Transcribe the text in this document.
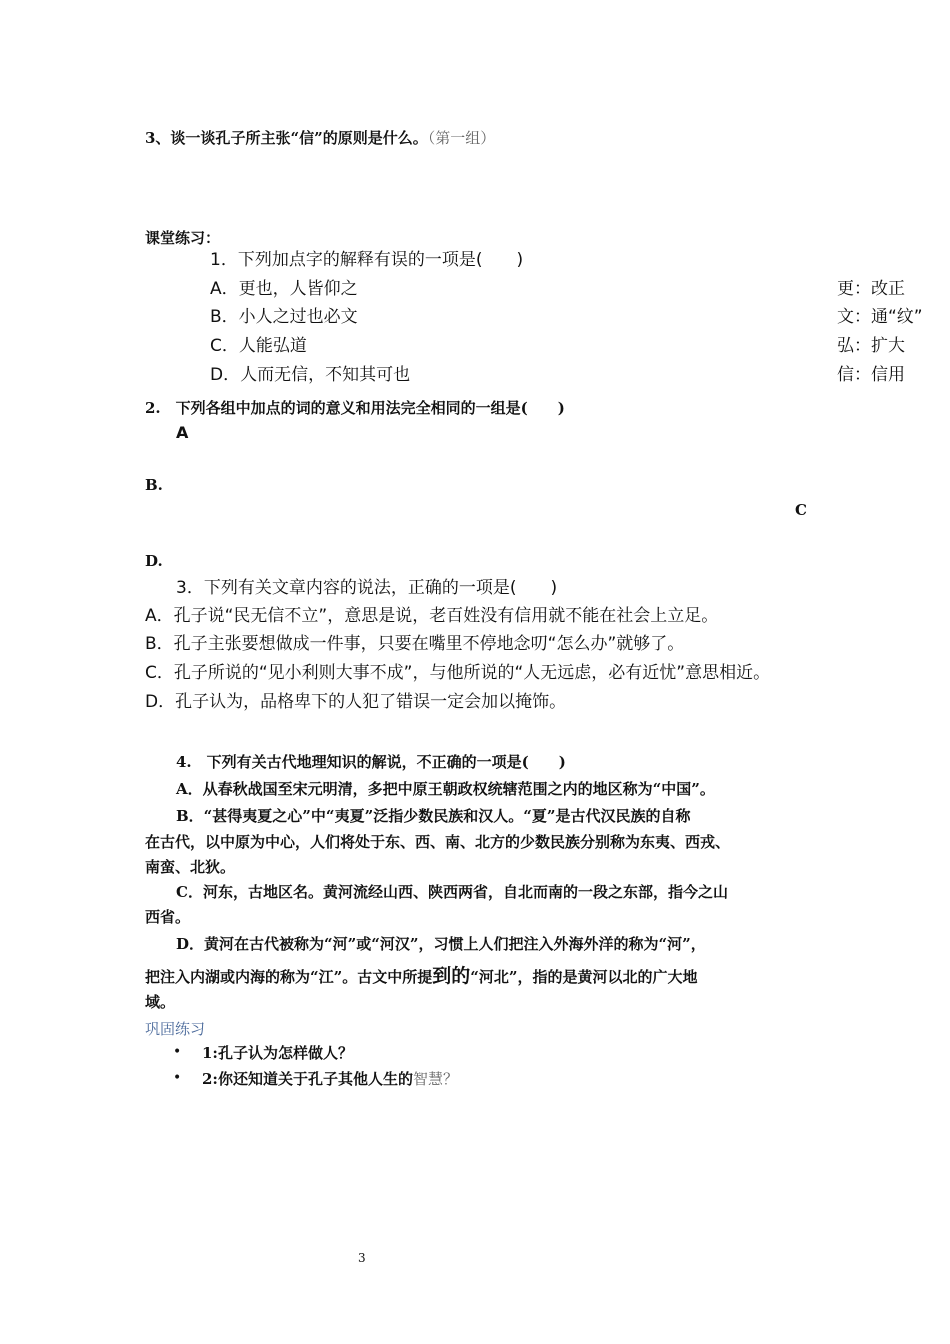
3、谈一谈孔子所主张“信”的原则是什么。（第一组）
课堂练习：
1．下列加点字的解释有误的一项是(　　)
A．更也，人皆仰之	更：改正
B．小人之过也必文	文：通“纹”
C．人能弘道	弘：扩大
D．人而无信，不知其可也	信：信用
2.　下列各组中加点的词的意义和用法完全相同的一组是(　　)
A
B.
C
D.
3．下列有关文章内容的说法，正确的一项是(　　)
A．孔子说“民无信不立”，意思是说，老百姓没有信用就不能在社会上立足。
B．孔子主张要想做成一件事，只要在嘴里不停地念叨“怎么办”就够了。
C．孔子所说的“见小利则大事不成”，与他所说的“人无远虑，必有近忧”意思相近。
D．孔子认为，品格卑下的人犯了错误一定会加以掩饰。
4.　下列有关古代地理知识的解说，不正确的一项是(　　)
A．从春秋战国至宋元明清，多把中原王朝政权统辖范围之内的地区称为“中国”。
B．“甚得夷夏之心”中“夷夏”泛指少数民族和汉人。“夏”是古代汉民族的自称
在古代，以中原为中心，人们将处于东、西、南、北方的少数民族分别称为东夷、西戎、
南蛮、北狄。
C．河东，古地区名。黄河流经山西、陕西两省，自北而南的一段之东部，指今之山
西省。
D．黄河在古代被称为“河”或“河汉”，习惯上人们把注入外海外洋的称为“河”，
把注入内湖或内海的称为“江”。古文中所提到的“河北”，指的是黄河以北的广大地
域。
巩固练习
• 1:孔子认为怎样做人？
• 2:你还知道关于孔子其他人生的智慧？
3
